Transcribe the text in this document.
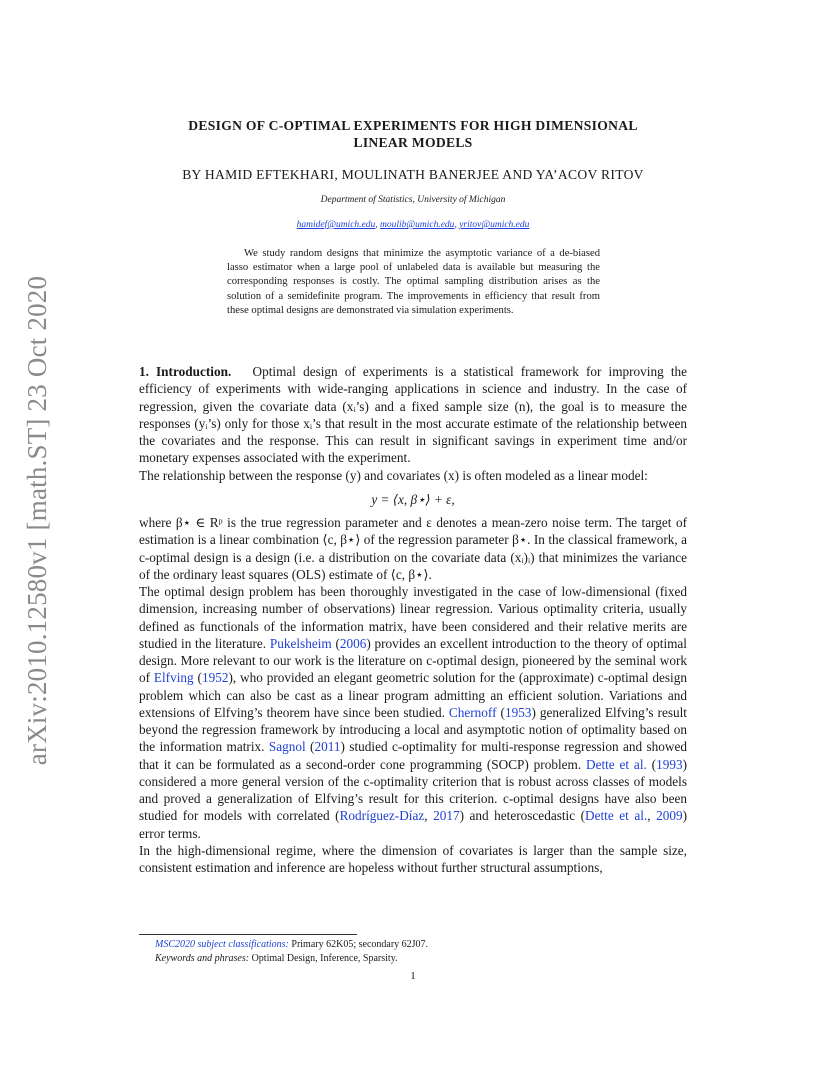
arXiv:2010.12580v1 [math.ST] 23 Oct 2020
DESIGN OF C-OPTIMAL EXPERIMENTS FOR HIGH DIMENSIONAL
LINEAR MODELS
BY HAMID EFTEKHARI, MOULINATH BANERJEE AND YA’ACOV RITOV
Department of Statistics, University of Michigan
hamidef@umich.edu, moulib@umich.edu, yritov@umich.edu

We study random designs that minimize the asymptotic variance of a de-biased lasso estimator when a large pool of unlabeled data is available but measuring the corresponding responses is costly. The optimal sampling distribution arises as the solution of a semidefinite program. The improvements in efficiency that result from these optimal designs are demonstrated via simulation experiments.

1. Introduction. Optimal design of experiments is a statistical framework for improving the efficiency of experiments with wide-ranging applications in science and industry. In the case of regression, given the covariate data (xᵢ’s) and a fixed sample size (n), the goal is to measure the responses (yᵢ’s) only for those xᵢ’s that result in the most accurate estimate of the relationship between the covariates and the response. This can result in significant savings in experiment time and/or monetary expenses associated with the experiment.

The relationship between the response (y) and covariates (x) is often modeled as a linear model:

y = ⟨x, β⋆⟩ + ε,

where β⋆ ∈ Rᵖ is the true regression parameter and ε denotes a mean-zero noise term. The target of estimation is a linear combination ⟨c, β⋆⟩ of the regression parameter β⋆. In the classical framework, a c-optimal design is a design (i.e. a distribution on the covariate data (xᵢ)ᵢ) that minimizes the variance of the ordinary least squares (OLS) estimate of ⟨c, β⋆⟩.

The optimal design problem has been thoroughly investigated in the case of low-dimensional (fixed dimension, increasing number of observations) linear regression. Various optimality criteria, usually defined as functionals of the information matrix, have been considered and their relative merits are studied in the literature. Pukelsheim (2006) provides an excellent introduction to the theory of optimal design. More relevant to our work is the literature on c-optimal design, pioneered by the seminal work of Elfving (1952), who provided an elegant geometric solution for the (approximate) c-optimal design problem which can also be cast as a linear program admitting an efficient solution. Variations and extensions of Elfving’s theorem have since been studied. Chernoff (1953) generalized Elfving’s result beyond the regression framework by introducing a local and asymptotic notion of optimality based on the information matrix. Sagnol (2011) studied c-optimality for multi-response regression and showed that it can be formulated as a second-order cone programming (SOCP) problem. Dette et al. (1993) considered a more general version of the c-optimality criterion that is robust across classes of models and proved a generalization of Elfving’s result for this criterion. c-optimal designs have also been studied for models with correlated (Rodríguez-Díaz, 2017) and heteroscedastic (Dette et al., 2009) error terms.

In the high-dimensional regime, where the dimension of covariates is larger than the sample size, consistent estimation and inference are hopeless without further structural assumptions,

MSC2020 subject classifications: Primary 62K05; secondary 62J07.
Keywords and phrases: Optimal Design, Inference, Sparsity.
1
